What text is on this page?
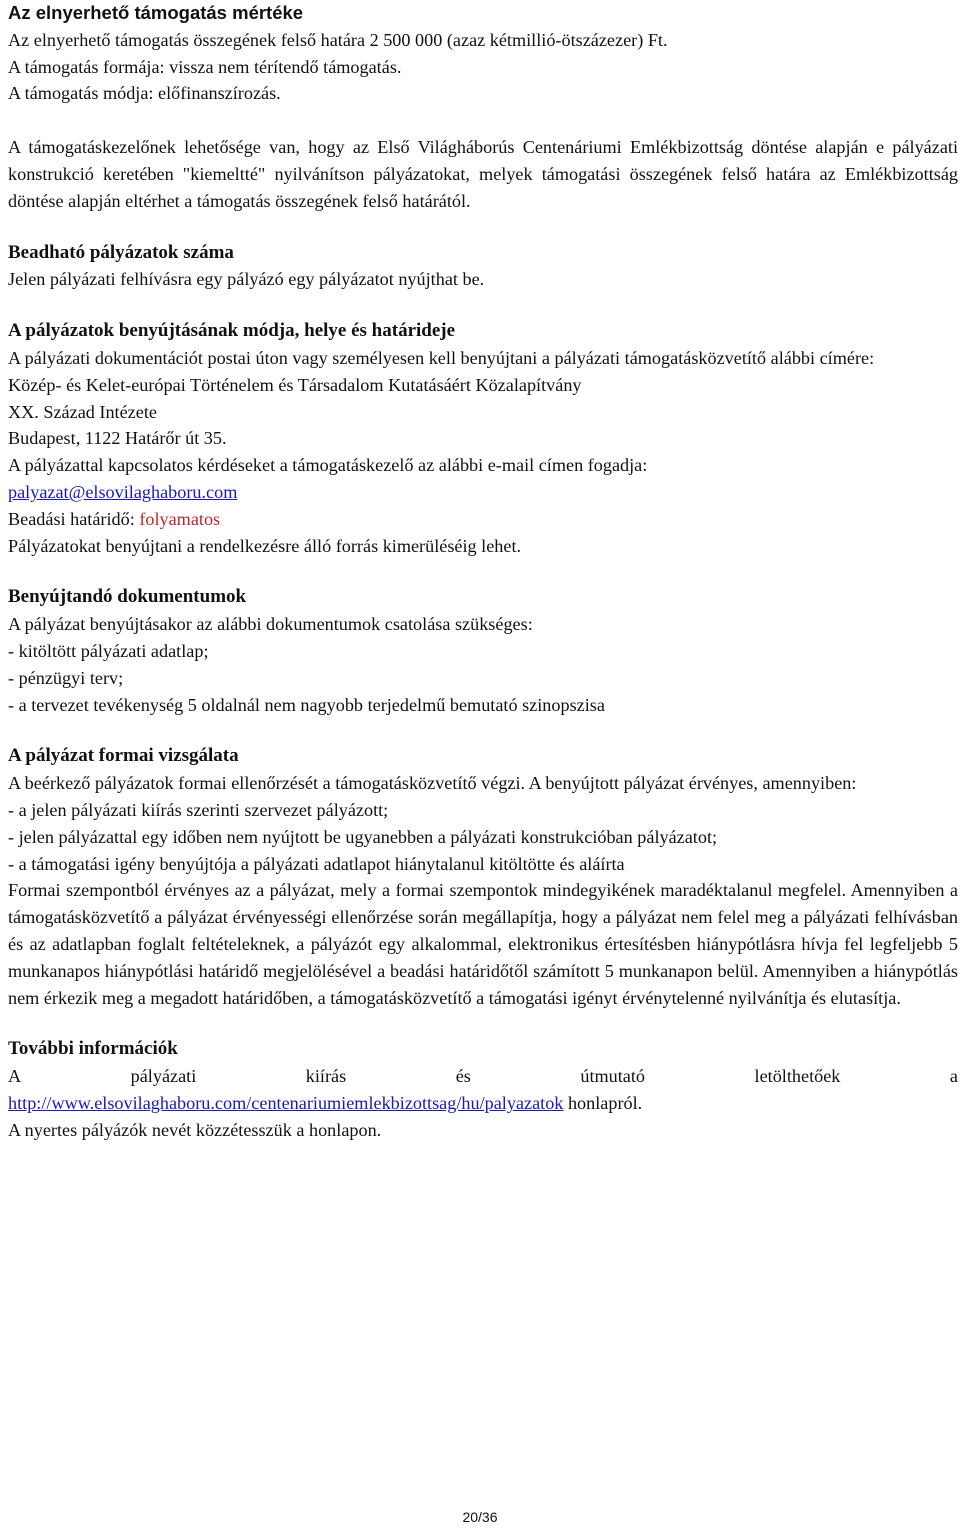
Az elnyerhető támogatás mértéke
Az elnyerhető támogatás összegének felső határa 2 500 000 (azaz kétmillió-ötszázezer) Ft.
A támogatás formája: vissza nem térítendő támogatás.
A támogatás módja: előfinanszírozás.
A támogatáskezelőnek lehetősége van, hogy az Első Világháborús Centenáriumi Emlékbizottság döntése alapján e pályázati konstrukció keretében "kiemeltté" nyilvánítson pályázatokat, melyek támogatási összegének felső határa az Emlékbizottság döntése alapján eltérhet a támogatás összegének felső határától.
Beadható pályázatok száma
Jelen pályázati felhívásra egy pályázó egy pályázatot nyújthat be.
A pályázatok benyújtásának módja, helye és határideje
A pályázati dokumentációt postai úton vagy személyesen kell benyújtani a pályázati támogatásközvetítő alábbi címére:
Közép- és Kelet-európai Történelem és Társadalom Kutatásáért Közalapítvány
XX. Század Intézete
Budapest, 1122 Határőr út 35.
A pályázattal kapcsolatos kérdéseket a támogatáskezelő az alábbi e-mail címen fogadja:
palyazat@elsovilaghaboru.com
Beadási határidő: folyamatos
Pályázatokat benyújtani a rendelkezésre álló forrás kimerüléséig lehet.
Benyújtandó dokumentumok
A pályázat benyújtásakor az alábbi dokumentumok csatolása szükséges:
- kitöltött pályázati adatlap;
- pénzügyi terv;
- a tervezet tevékenység 5 oldalnál nem nagyobb terjedelmű bemutató szinopszisa
A pályázat formai vizsgálata
A beérkező pályázatok formai ellenőrzését a támogatásközvetítő végzi. A benyújtott pályázat érvényes, amennyiben:
- a jelen pályázati kiírás szerinti szervezet pályázott;
- jelen pályázattal egy időben nem nyújtott be ugyanebben a pályázati konstrukcióban pályázatot;
- a támogatási igény benyújtója a pályázati adatlapot hiánytalanul kitöltötte és aláírta
Formai szempontból érvényes az a pályázat, mely a formai szempontok mindegyikének maradéktalanul megfelel. Amennyiben a támogatásközvetítő a pályázat érvényességi ellenőrzése során megállapítja, hogy a pályázat nem felel meg a pályázati felhívásban és az adatlapban foglalt feltételeknek, a pályázót egy alkalommal, elektronikus értesítésben hiánypótlásra hívja fel legfeljebb 5 munkanapos hiánypótlási határidő megjelölésével a beadási határidőtől számított 5 munkanapon belül. Amennyiben a hiánypótlás nem érkezik meg a megadott határidőben, a támogatásközvetítő a támogatási igényt érvénytelenné nyilvánítja és elutasítja.
További információk
A	pályázati	kiírás	és	útmutató	letölthetőek	a
http://www.elsovilaghaboru.com/centenariumiemlekbizottsag/hu/palyazatok honlapról.
A nyertes pályázók nevét közzétesszük a honlapon.
20/36
